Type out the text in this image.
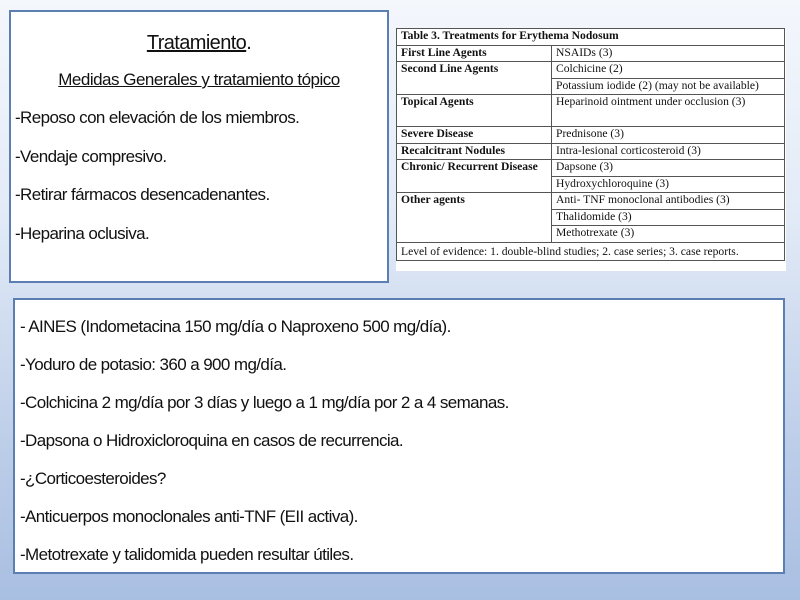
Tratamiento.
Medidas Generales y tratamiento tópico
-Reposo con elevación de los miembros.
-Vendaje compresivo.
-Retirar fármacos desencadenantes.
-Heparina oclusiva.
Table 3. Treatments for Erythema Nodosum	
First Line Agents	NSAIDs (3)
Second Line Agents	Colchicine (2)
	Potassium iodide (2) (may not be available)
Topical Agents	Heparinoid ointment under occlusion (3)
Severe Disease	Prednisone (3)
Recalcitrant Nodules	Intra-lesional corticosteroid (3)
Chronic/ Recurrent Disease	Dapsone (3)
	Hydroxychloroquine (3)
Other agents	Anti- TNF monoclonal antibodies (3)
	Thalidomide (3)
	Methotrexate (3)
Level of evidence: 1. double-blind studies; 2. case series; 3. case reports.	
- AINES (Indometacina 150 mg/día o Naproxeno 500 mg/día).
-Yoduro de potasio: 360 a 900 mg/día.
-Colchicina 2 mg/día por 3 días y luego a 1 mg/día por 2 a 4 semanas.
-Dapsona o Hidroxicloroquina en casos de recurrencia.
-¿Corticoesteroides?
-Anticuerpos monoclonales anti-TNF (EII activa).
-Metotrexate y talidomida pueden resultar útiles.
